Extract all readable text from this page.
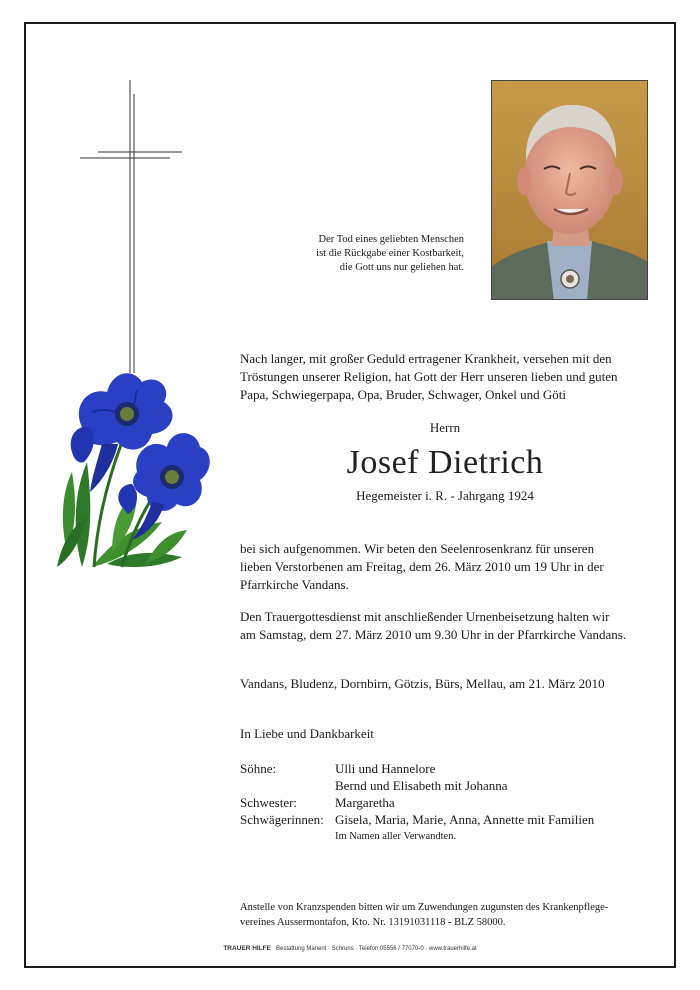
Der Tod eines geliebten Menschen
ist die Rückgabe einer Kostbarkeit,
die Gott uns nur geliehen hat.
Nach langer, mit großer Geduld ertragener Krankheit, versehen mit den
Tröstungen unserer Religion, hat Gott der Herr unseren lieben und guten
Papa, Schwiegerpapa, Opa, Bruder, Schwager, Onkel und Göti
Herrn
Josef Dietrich
Hegemeister i. R. - Jahrgang 1924
bei sich aufgenommen. Wir beten den Seelenrosenkranz für unseren
lieben Verstorbenen am Freitag, dem 26. März 2010 um 19 Uhr in der
Pfarrkirche Vandans.
Den Trauergottesdienst mit anschließender Urnenbeisetzung halten wir
am Samstag, dem 27. März 2010 um 9.30 Uhr in der Pfarrkirche Vandans.
Vandans, Bludenz, Dornbirn, Götzis, Bürs, Mellau, am 21. März 2010
In Liebe und Dankbarkeit
Söhne:	Ulli und Hannelore
Bernd und Elisabeth mit Johanna
Schwester:	Margaretha
Schwägerinnen: Gisela, Maria, Marie, Anna, Annette mit Familien
Im Namen aller Verwandten.
Anstelle von Kranzspenden bitten wir um Zuwendungen zugunsten des Krankenpflege-
vereines Aussermontafon, Kto. Nr. 13191031118 - BLZ 58000.
TRAUER HILFE Bestattung Manent · Schruns · Telefon 05556 / 77070-0 · www.trauerhilfe.at
